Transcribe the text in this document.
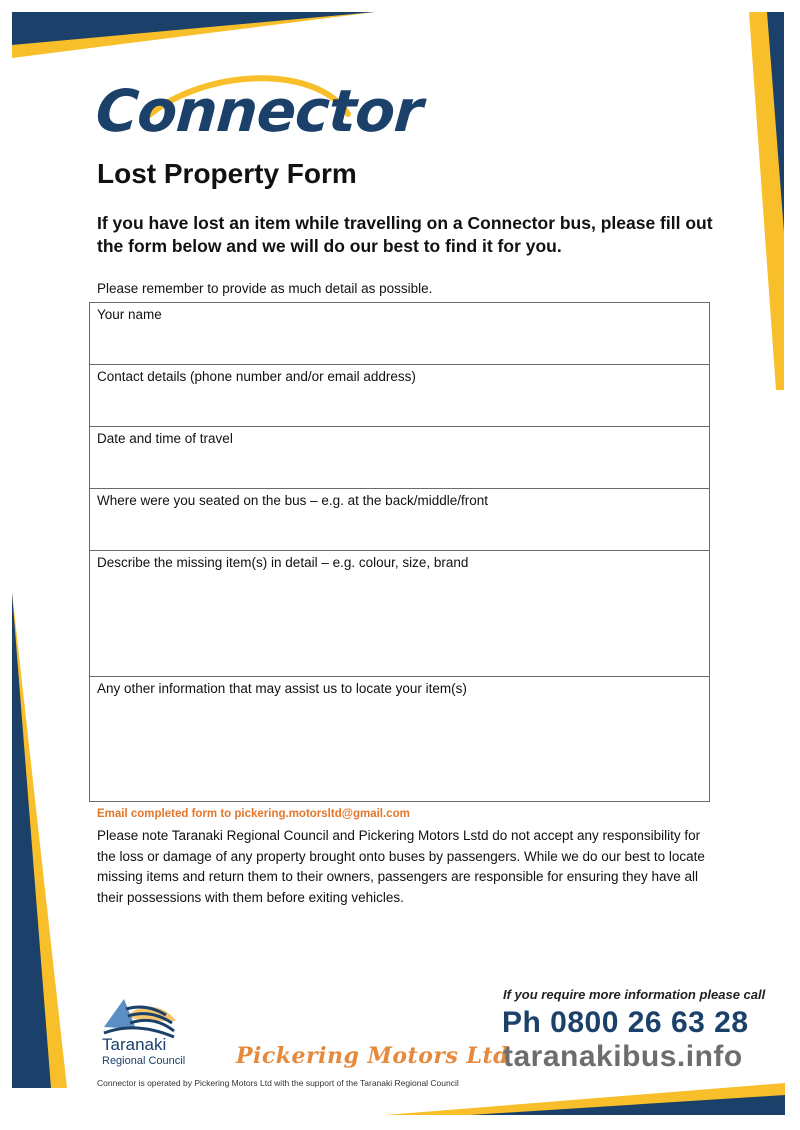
Connector
Lost Property Form
If you have lost an item while travelling on a Connector bus, please fill out the form below and we will do our best to find it for you.
Please remember to provide as much detail as possible.
Your name
Contact details (phone number and/or email address)
Date and time of travel
Where were you seated on the bus – e.g. at the back/middle/front
Describe the missing item(s) in detail – e.g. colour, size, brand
Any other information that may assist us to locate your item(s)
Email completed form to pickering.motorsltd@gmail.com
Please note Taranaki Regional Council and Pickering Motors Lstd do not accept any responsibility for the loss or damage of any property brought onto buses by passengers. While we do our best to locate missing items and return them to their owners, passengers are responsible for ensuring they have all their possessions with them before exiting vehicles.
Taranaki
Regional Council Pickering Motors Ltd
Connector is operated by Pickering Motors Ltd with the support of the Taranaki Regional Council
If you require more information please call
Ph 0800 26 63 28
taranakibus.info
